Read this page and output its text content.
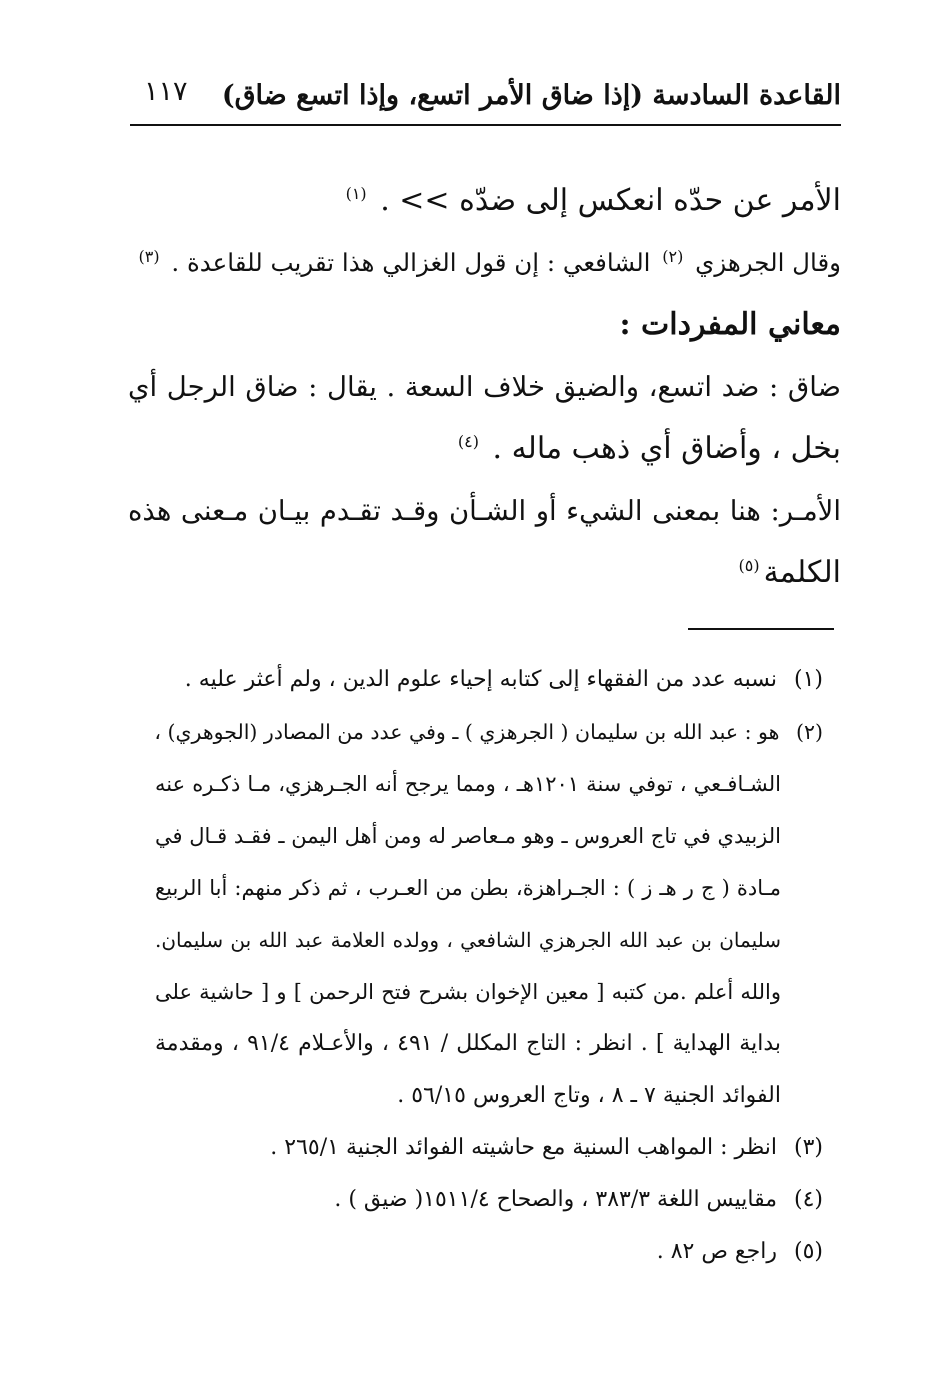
القاعدة السادسة (إذا ضاق الأمر اتسع، وإذا اتسع ضاق)
١١٧
الأمر عن حدّه انعكس إلى ضدّه >> . $^{(١)}$
وقال الجرهزي $^{(٢)}$ الشافعي : إن قول الغزالي هذا تقريب للقاعدة . $^{(٣)}$
معاني المفردات :
ضاق : ضد اتسع، والضيق خلاف السعة . يقال : ضاق الرجل أي
بخل ، وأضاق أي ذهب ماله . $^{(٤)}$
الأمـر: هنا بمعنى الشيء أو الشـأن وقـد تقـدم بيـان مـعنى هذه
الكلمة$^{(٥)}$
(١) نسبه عدد من الفقهاء إلى كتابه إحياء علوم الدين ، ولم أعثر عليه .
(٢) هو : عبد الله بن سليمان ( الجرهزي ) ـ وفي عدد من المصادر (الجوهري) ،
الشـافـعي ، توفي سنة ١٢٠١هـ ، ومما يرجح أنه الجـرهزي، مـا ذكـره عنه
الزبيدي في تاج العروس ـ وهو مـعاصر له ومن أهل اليمن ـ فقـد قـال في
مـادة ( ج ر هـ ز ) : الجـراهزة، بطن من العـرب ، ثم ذكر منهم: أبا الربيع
سليمان بن عبد الله الجرهزي الشافعي ، وولده العلامة عبد الله بن سليمان.
والله أعلم .من كتبه [ معين الإخوان بشرح فتح الرحمن ] و [ حاشية على
بداية الهداية ] . انظر : التاج المكلل / ٤٩١ ، والأعـلام ٩١/٤ ، ومقدمة
الفوائد الجنية ٧ ـ ٨ ، وتاج العروس ٥٦/١٥ .
(٣) انظر : المواهب السنية مع حاشيته الفوائد الجنية ٢٦٥/١ .
(٤) مقاييس اللغة ٣٨٣/٣ ، والصحاح ١٥١١/٤( ضيق ) .
(٥) راجع ص ٨٢ .
